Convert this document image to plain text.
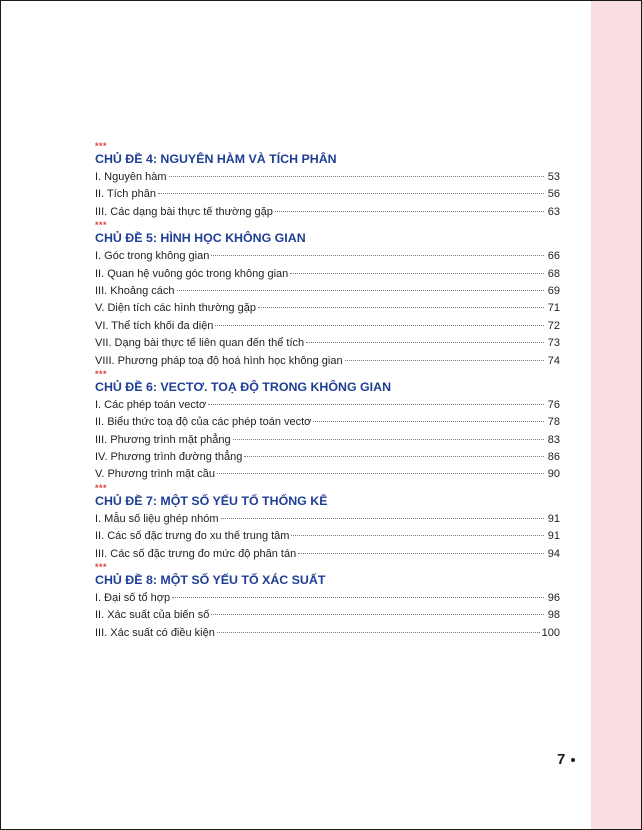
***
CHỦ ĐỀ 4: NGUYÊN HÀM VÀ TÍCH PHÂN
I. Nguyên hàm	53
II. Tích phân	56
III. Các dạng bài thực tế thường gặp	63
***
CHỦ ĐỀ 5: HÌNH HỌC KHÔNG GIAN
I. Góc trong không gian	66
II. Quan hệ vuông góc trong không gian	68
III. Khoảng cách	69
V. Diện tích các hình thường gặp	71
VI. Thể tích khối đa diện	72
VII. Dạng bài thực tế liên quan đến thể tích	73
VIII. Phương pháp toạ độ hoá hình học không gian	74
***
CHỦ ĐỀ 6: VECTƠ. TOẠ ĐỘ TRONG KHÔNG GIAN
I. Các phép toán vectơ	76
II. Biểu thức toạ độ của các phép toán vectơ	78
III. Phương trình mặt phẳng	83
IV. Phương trình đường thẳng	86
V. Phương trình mặt cầu	90
***
CHỦ ĐỀ 7: MỘT SỐ YẾU TỐ THỐNG KÊ
I. Mẫu số liệu ghép nhóm	91
II. Các số đặc trưng đo xu thế trung tâm	91
III. Các số đặc trưng đo mức độ phân tán	94
***
CHỦ ĐỀ 8: MỘT SỐ YẾU TỐ XÁC SUẤT
I. Đại số tổ hợp	96
II. Xác suất của biến số	98
III. Xác suất có điều kiện	100
7
